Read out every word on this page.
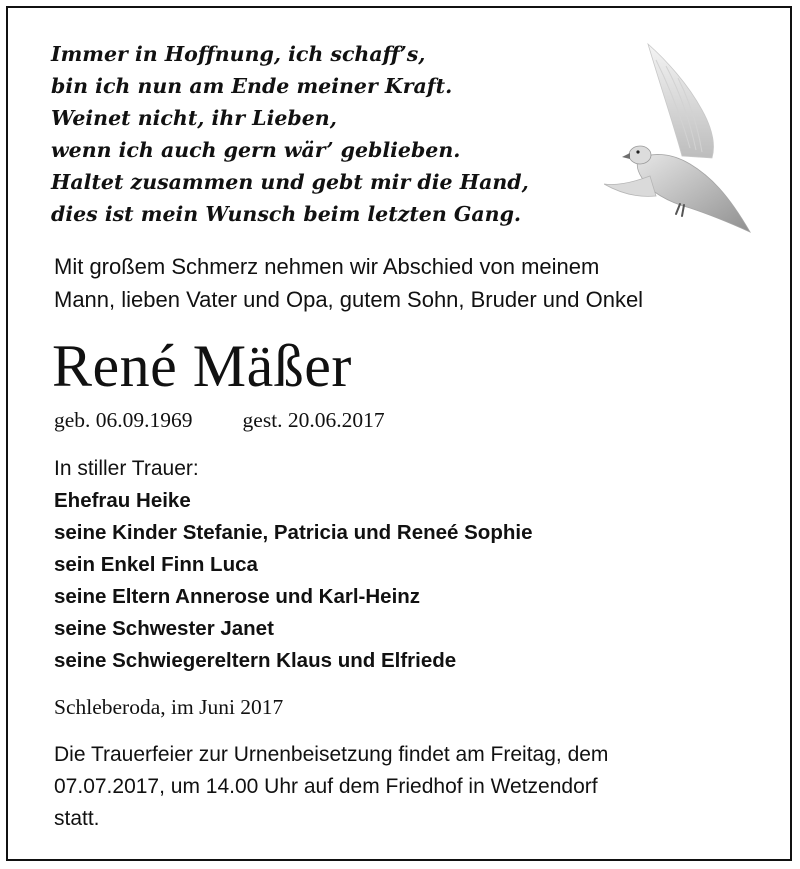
Immer in Hoffnung, ich schaff’s,
bin ich nun am Ende meiner Kraft.
Weinet nicht, ihr Lieben,
wenn ich auch gern wär’ geblieben.
Haltet zusammen und gebt mir die Hand,
dies ist mein Wunsch beim letzten Gang.
Mit großem Schmerz nehmen wir Abschied von meinem
Mann, lieben Vater und Opa, gutem Sohn, Bruder und Onkel
René Mäßer
geb. 06.09.1969 gest. 20.06.2017
In stiller Trauer:
Ehefrau Heike
seine Kinder Stefanie, Patricia und Reneé Sophie
sein Enkel Finn Luca
seine Eltern Annerose und Karl-Heinz
seine Schwester Janet
seine Schwiegereltern Klaus und Elfriede
Schleberoda, im Juni 2017
Die Trauerfeier zur Urnenbeisetzung findet am Freitag, dem
07.07.2017, um 14.00 Uhr auf dem Friedhof in Wetzendorf
statt.
